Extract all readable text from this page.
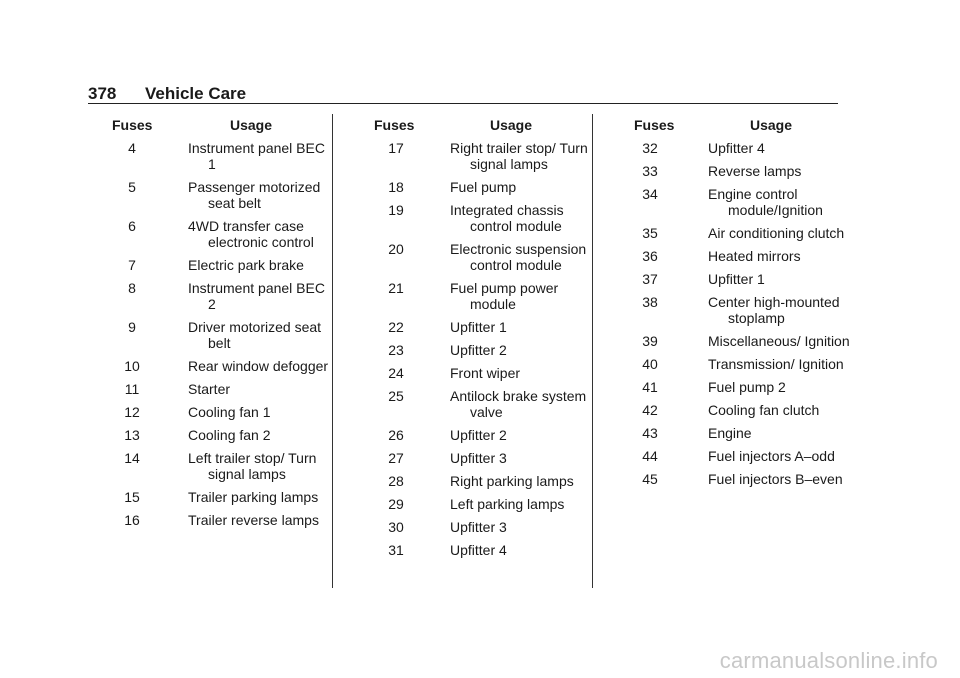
378 Vehicle Care
Fuses	Usage
4	Instrument panel BEC 1
5	Passenger motorized seat belt
6	4WD transfer case electronic control
7	Electric park brake
8	Instrument panel BEC 2
9	Driver motorized seat belt
10	Rear window defogger
11	Starter
12	Cooling fan 1
13	Cooling fan 2
14	Left trailer stop/ Turn signal lamps
15	Trailer parking lamps
16	Trailer reverse lamps
Fuses	Usage
17	Right trailer stop/ Turn signal lamps
18	Fuel pump
19	Integrated chassis control module
20	Electronic suspension control module
21	Fuel pump power module
22	Upfitter 1
23	Upfitter 2
24	Front wiper
25	Antilock brake system valve
26	Upfitter 2
27	Upfitter 3
28	Right parking lamps
29	Left parking lamps
30	Upfitter 3
31	Upfitter 4
Fuses	Usage
32	Upfitter 4
33	Reverse lamps
34	Engine control module/Ignition
35	Air conditioning clutch
36	Heated mirrors
37	Upfitter 1
38	Center high-mounted stoplamp
39	Miscellaneous/ Ignition
40	Transmission/ Ignition
41	Fuel pump 2
42	Cooling fan clutch
43	Engine
44	Fuel injectors A–odd
45	Fuel injectors B–even
carmanualsonline.info
